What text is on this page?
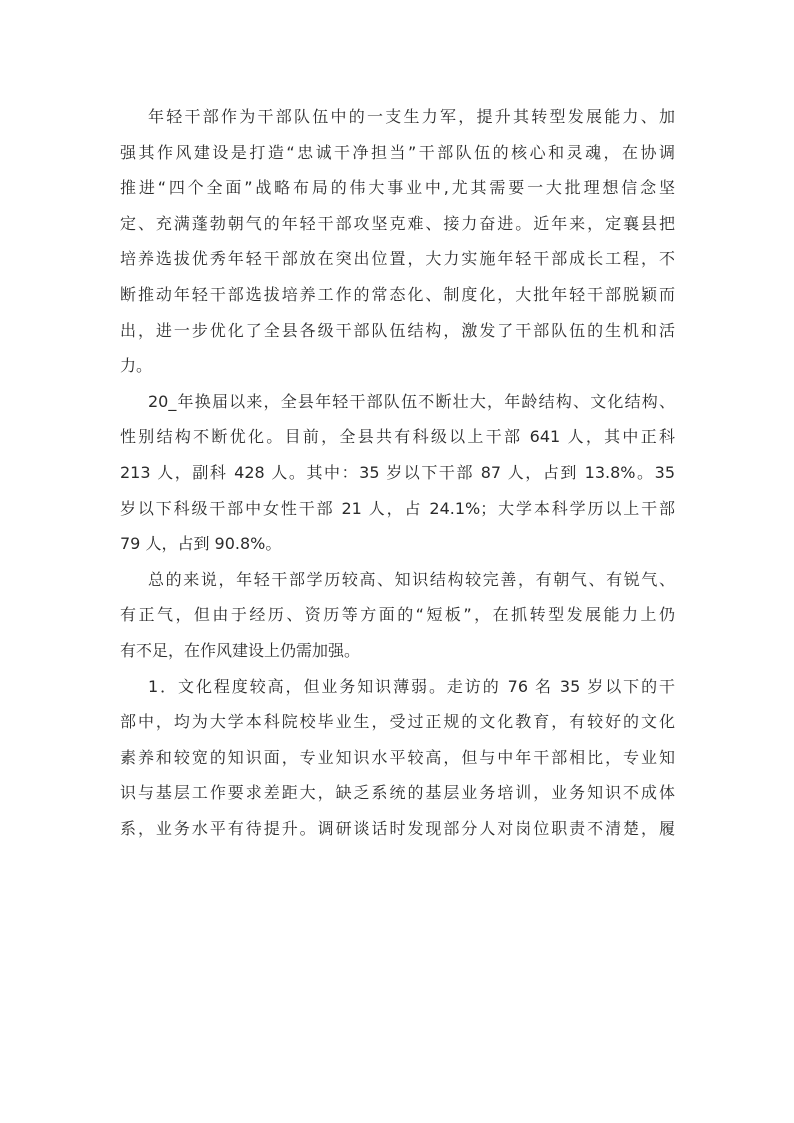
年轻干部作为干部队伍中的一支生力军，提升其转型发展能力、加
强其作风建设是打造“忠诚干净担当”干部队伍的核心和灵魂，在协调
推进“四个全面”战略布局的伟大事业中,尤其需要一大批理想信念坚
定、充满蓬勃朝气的年轻干部攻坚克难、接力奋进。近年来，定襄县把
培养选拔优秀年轻干部放在突出位置，大力实施年轻干部成长工程，不
断推动年轻干部选拔培养工作的常态化、制度化，大批年轻干部脱颖而
出，进一步优化了全县各级干部队伍结构，激发了干部队伍的生机和活
力。
20_年换届以来，全县年轻干部队伍不断壮大，年龄结构、文化结构、
性别结构不断优化。目前，全县共有科级以上干部 641 人，其中正科
213 人，副科 428 人。其中：35 岁以下干部 87 人，占到 13.8%。35
岁以下科级干部中女性干部 21 人，占 24.1%；大学本科学历以上干部
79 人，占到 90.8%。
总的来说，年轻干部学历较高、知识结构较完善，有朝气、有锐气、
有正气，但由于经历、资历等方面的“短板”，在抓转型发展能力上仍
有不足，在作风建设上仍需加强。
1．文化程度较高，但业务知识薄弱。走访的 76 名 35 岁以下的干
部中，均为大学本科院校毕业生，受过正规的文化教育，有较好的文化
素养和较宽的知识面，专业知识水平较高，但与中年干部相比，专业知
识与基层工作要求差距大，缺乏系统的基层业务培训，业务知识不成体
系，业务水平有待提升。调研谈话时发现部分人对岗位职责不清楚，履
